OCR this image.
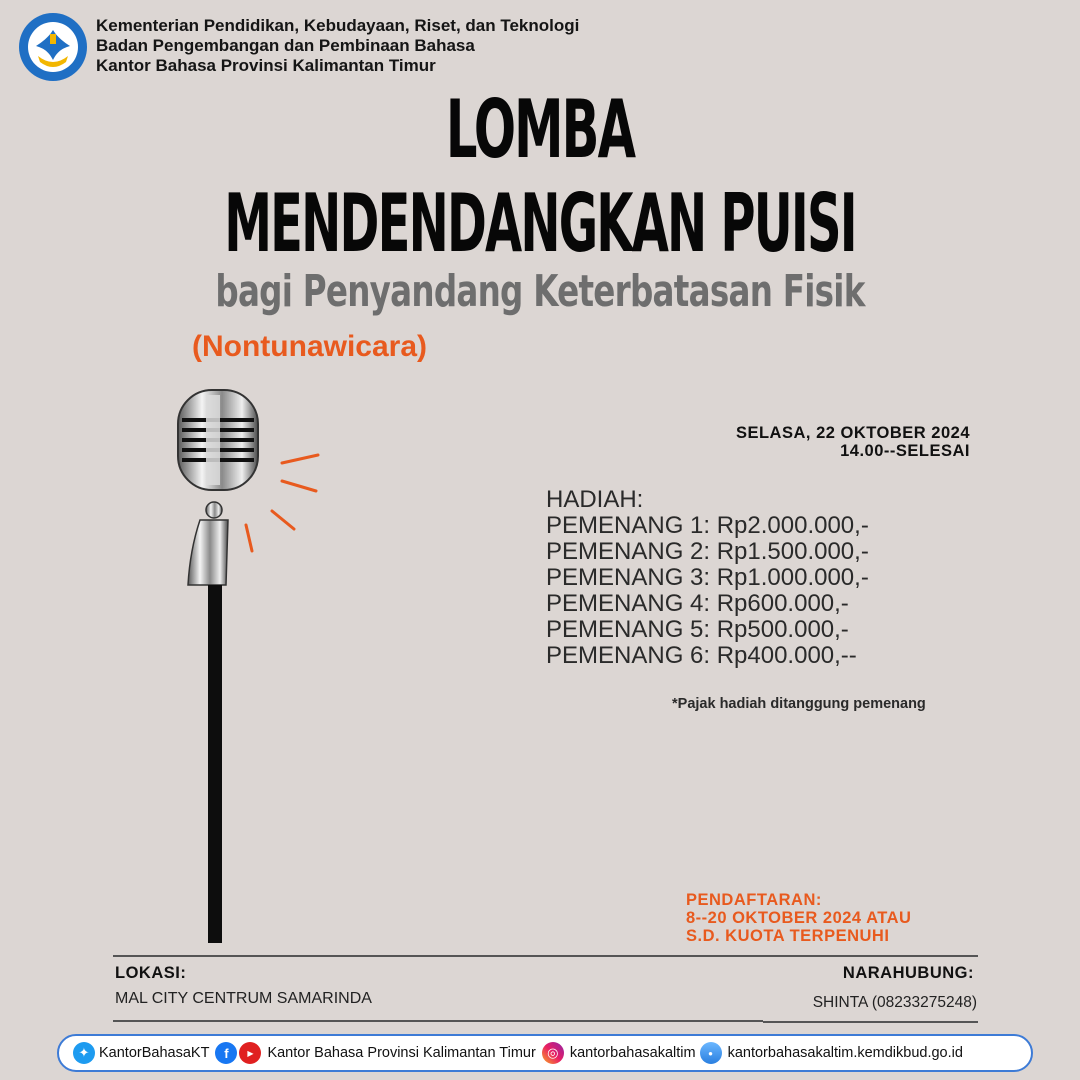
Kementerian Pendidikan, Kebudayaan, Riset, dan Teknologi
Badan Pengembangan dan Pembinaan Bahasa
Kantor Bahasa Provinsi Kalimantan Timur
LOMBA
MENDENDANGKAN PUISI
bagi Penyandang Keterbatasan Fisik
(Nontunawicara)
SELASA, 22 OKTOBER 2024
14.00--SELESAI
HADIAH:
PEMENANG 1: Rp2.000.000,-
PEMENANG 2: Rp1.500.000,-
PEMENANG 3: Rp1.000.000,-
PEMENANG 4: Rp600.000,-
PEMENANG 5: Rp500.000,-
PEMENANG 6: Rp400.000,--
*Pajak hadiah ditanggung pemenang
PENDAFTARAN:
8--20 OKTOBER 2024 ATAU
S.D. KUOTA TERPENUHI
LOKASI:
MAL CITY CENTRUM SAMARINDA
NARAHUBUNG:
SHINTA (08233275248)
✦ KantorBahasaKT	f	▶ Kantor Bahasa Provinsi Kalimantan Timur ◎ kantorbahasakaltim	●	kantorbahasakaltim.kemdikbud.go.id
